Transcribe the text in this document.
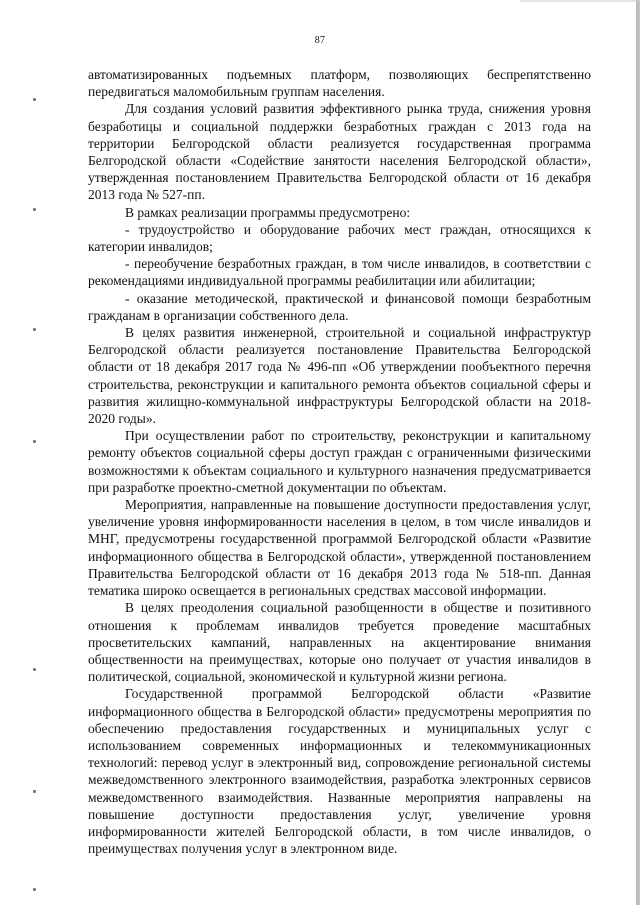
87

автоматизированных подъемных платформ, позволяющих беспрепятственно передвигаться маломобильным группам населения.

Для создания условий развития эффективного рынка труда, снижения уровня безработицы и социальной поддержки безработных граждан с 2013 года на территории Белгородской области реализуется государственная программа Белгородской области «Содействие занятости населения Белгородской области», утвержденная постановлением Правительства Белгородской области от 16 декабря 2013 года № 527-пп.

В рамках реализации программы предусмотрено:

- трудоустройство и оборудование рабочих мест граждан, относящихся к категории инвалидов;

- переобучение безработных граждан, в том числе инвалидов, в соответствии с рекомендациями индивидуальной программы реабилитации или абилитации;

- оказание методической, практической и финансовой помощи безработным гражданам в организации собственного дела.

В целях развития инженерной, строительной и социальной инфраструктур Белгородской области реализуется постановление Правительства Белгородской области от 18 декабря 2017 года № 496-пп «Об утверждении пообъектного перечня строительства, реконструкции и капитального ремонта объектов социальной сферы и развития жилищно-коммунальной инфраструктуры Белгородской области на 2018-2020 годы».

При осуществлении работ по строительству, реконструкции и капитальному ремонту объектов социальной сферы доступ граждан с ограниченными физическими возможностями к объектам социального и культурного назначения предусматривается при разработке проектно-сметной документации по объектам.

Мероприятия, направленные на повышение доступности предоставления услуг, увеличение уровня информированности населения в целом, в том числе инвалидов и МНГ, предусмотрены государственной программой Белгородской области «Развитие информационного общества в Белгородской области», утвержденной постановлением Правительства Белгородской области от 16 декабря 2013 года № 518-пп. Данная тематика широко освещается в региональных средствах массовой информации.

В целях преодоления социальной разобщенности в обществе и позитивного отношения к проблемам инвалидов требуется проведение масштабных просветительских кампаний, направленных на акцентирование внимания общественности на преимуществах, которые оно получает от участия инвалидов в политической, социальной, экономической и культурной жизни региона.

Государственной программой Белгородской области «Развитие информационного общества в Белгородской области» предусмотрены мероприятия по обеспечению предоставления государственных и муниципальных услуг с использованием современных информационных и телекоммуникационных технологий: перевод услуг в электронный вид, сопровождение региональной системы межведомственного электронного взаимодействия, разработка электронных сервисов межведомственного взаимодействия. Названные мероприятия направлены на повышение доступности предоставления услуг, увеличение уровня информированности жителей Белгородской области, в том числе инвалидов, о преимуществах получения услуг в электронном виде.
